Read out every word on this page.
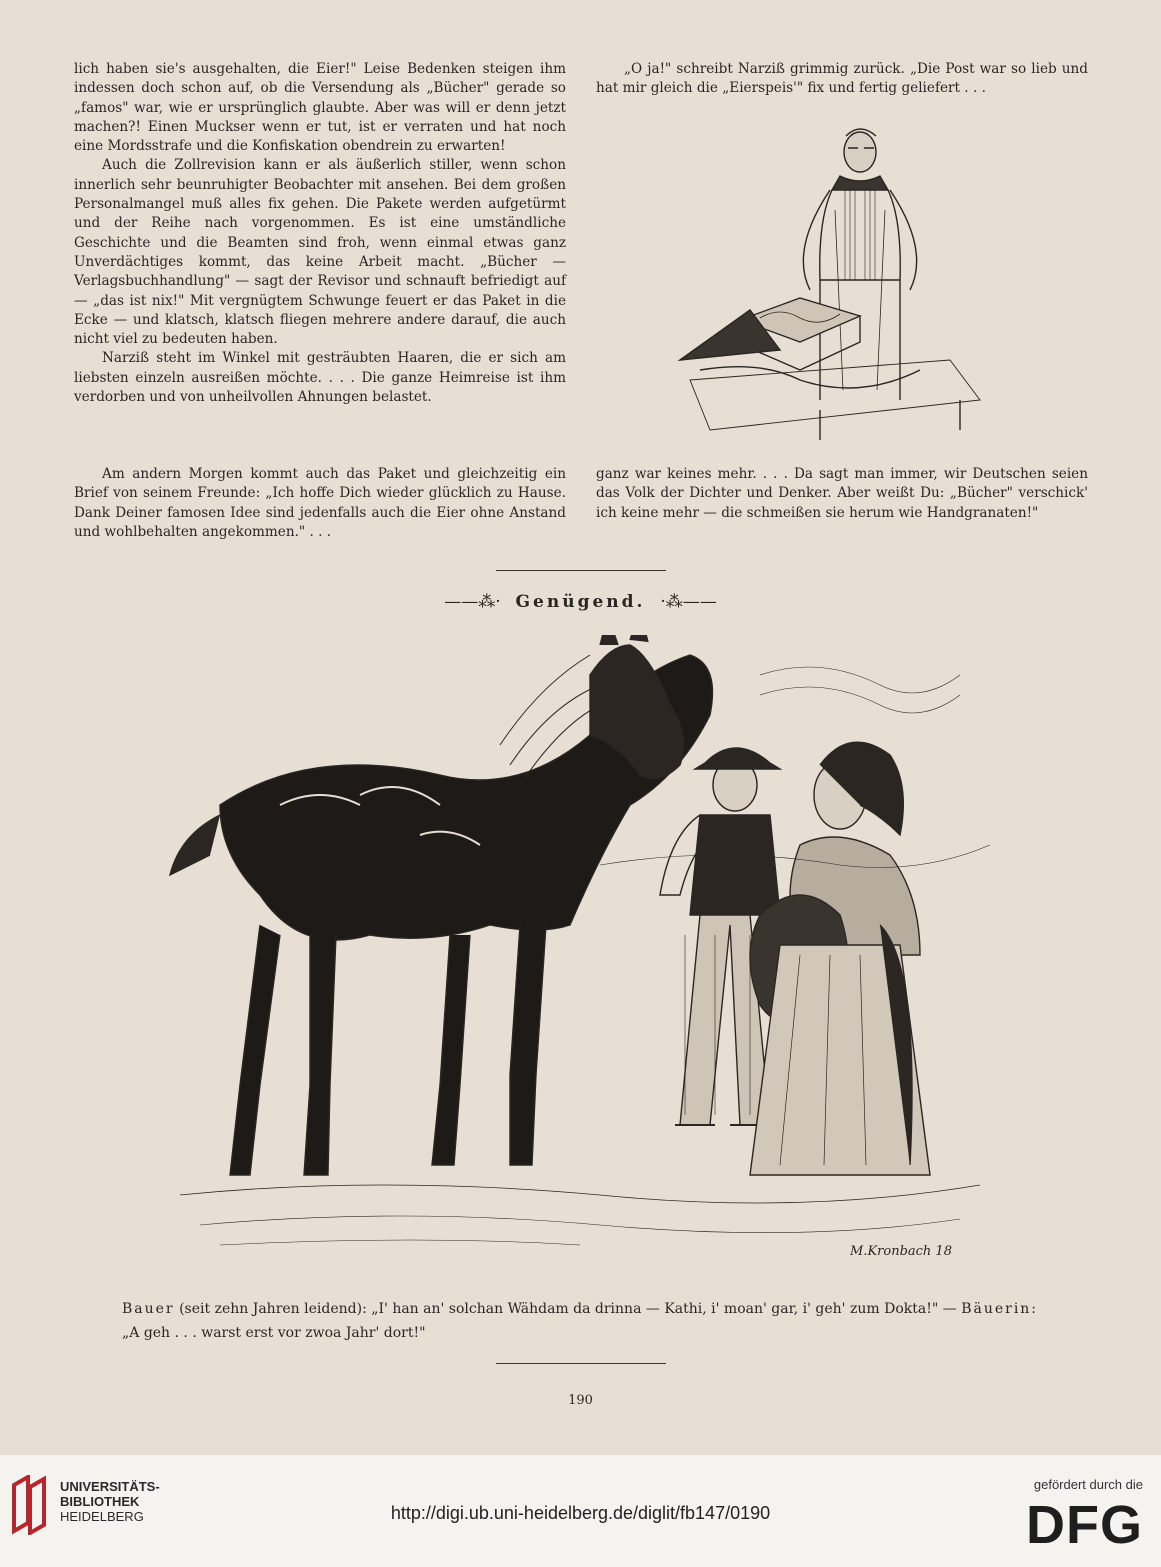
lich haben sie's ausgehalten, die Eier!" Leise Bedenken steigen ihm indessen doch schon auf, ob die Versendung als „Bücher" gerade so „famos" war, wie er ursprünglich glaubte. Aber was will er denn jetzt machen?! Einen Muckser wenn er tut, ist er verraten und hat noch eine Mordsstrafe und die Konfiskation obendrein zu erwarten!

Auch die Zollrevision kann er als äußerlich stiller, wenn schon innerlich sehr beunruhigter Beobachter mit ansehen. Bei dem großen Personalmangel muß alles fix gehen. Die Pakete werden aufgetürmt und der Reihe nach vorgenommen. Es ist eine umständliche Geschichte und die Beamten sind froh, wenn einmal etwas ganz Unverdächtiges kommt, das keine Arbeit macht. „Bücher — Verlagsbuchhandlung" — sagt der Revisor und schnauft befriedigt auf — „das ist nix!" Mit vergnügtem Schwunge feuert er das Paket in die Ecke — und klatsch, klatsch fliegen mehrere andere darauf, die auch nicht viel zu bedeuten haben.

Narziß steht im Winkel mit gesträubten Haaren, die er sich am liebsten einzeln ausreißen möchte. . . . Die ganze Heimreise ist ihm verdorben und von unheilvollen Ahnungen belastet.

Am andern Morgen kommt auch das Paket und gleichzeitig ein Brief von seinem Freunde: „Ich hoffe Dich wieder glücklich zu Hause. Dank Deiner famosen Idee sind jedenfalls auch die Eier ohne Anstand und wohlbehalten angekommen." . . .

„O ja!" schreibt Narziß grimmig zurück. „Die Post war so lieb und hat mir gleich die „Eierspeis'" fix und fertig geliefert . . .

ganz war keines mehr. . . . Da sagt man immer, wir Deutschen seien das Volk der Dichter und Denker. Aber weißt Du: „Bücher" verschick' ich keine mehr — die schmeißen sie herum wie Handgranaten!"

——⁂· Genügend. ·⁂——
M.Kronbach 18
Bauer (seit zehn Jahren leidend): „I' han an' solchan Wähdam da drinna — Kathi, i' moan' gar, i' geh' zum Dokta!" — Bäuerin: „A geh . . . warst erst vor zwoa Jahr' dort!"
190
UNIVERSITÄTS-
BIBLIOTHEK
HEIDELBERG	http://digi.ub.uni-heidelberg.de/diglit/fb147/0190
gefördert durch die
DFG
